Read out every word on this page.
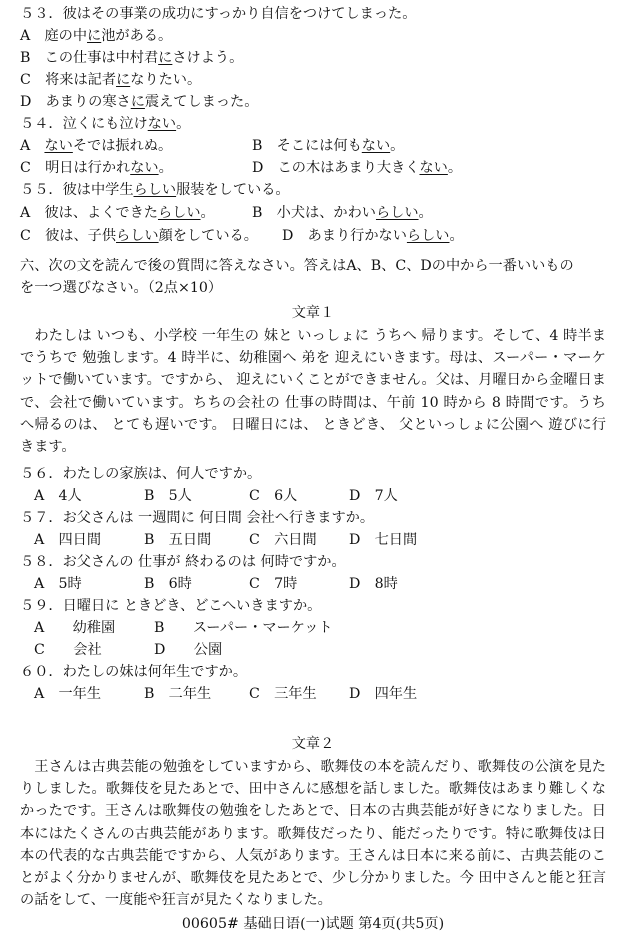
５３．彼はその事業の成功にすっかり自信をつけてしまった。
A　 庭の中に池がある。
B　 この仕事は中村君にさけよう。
C　 将来は記者になりたい。
D　 あまりの寒さに震えてしまった。
５４．泣くにも泣けない。
A　 ないそでは振れぬ。	B　 そこには何もない。
C　 明日は行かれない。	D　 この木はあまり大きくない。
５５．彼は中学生らしい服装をしている。
A　 彼は、よくできたらしい。	B　 小犬は、かわいらしい。
C　 彼は、子供らしい顔をしている。 D　 あまり行かないらしい。
六、次の文を読んで後の質問に答えなさい。答えはA、B、C、Dの中から一番いいもの
を一つ選びなさい。（2点×10）
文章１
　わたしは いつも、小学校 一年生の 妹と いっしょに うちへ 帰ります。そして、4 時半までうちで 勉強します。4 時半に、幼稚園へ 弟を 迎えにいきます。母は、スーパー・マーケットで働いています。ですから、 迎えにいくことができません。父は、月曜日から金曜日まで、会社で働いています。ちちの会社の 仕事の時間は、午前 10 時から 8 時間です。うちへ帰るのは、 とても遅いです。 日曜日には、 ときどき、 父といっしょに公園へ 遊びに行きます。
５６．わたしの家族は、何人ですか。
A　 4人	B　 5人	C　 6人	D　 7人
５７．お父さんは 一週間に 何日間 会社へ行きますか。
A　 四日間	B　 五日間	C　 六日間 D　 七日間
５８．お父さんの 仕事が 終わるのは 何時ですか。
A　 5時	B　 6時	C　 7時	D　 8時
５９．日曜日に ときどき、どこへいきますか。
A　　 幼稚園	B　　 スーパー・マーケット
C　　 会社	D　　 公園
６０．わたしの妹は何年生ですか。
A　 一年生	B　 二年生	C　 三年生 D　 四年生
文章２
　王さんは古典芸能の勉強をしていますから、歌舞伎の本を読んだり、歌舞伎の公演を見たりしました。歌舞伎を見たあとで、田中さんに感想を話しました。歌舞伎はあまり難しくなかったです。王さんは歌舞伎の勉強をしたあとで、日本の古典芸能が好きになりました。日本にはたくさんの古典芸能があります。歌舞伎だったり、能だったりです。特に歌舞伎は日本の代表的な古典芸能ですから、人気があります。王さんは日本に来る前に、古典芸能のことがよく分かりませんが、歌舞伎を見たあとで、少し分かりました。今 田中さんと能と狂言の話をして、一度能や狂言が見たくなりました。
00605# 基础日语(一)试题 第4页(共5页)
